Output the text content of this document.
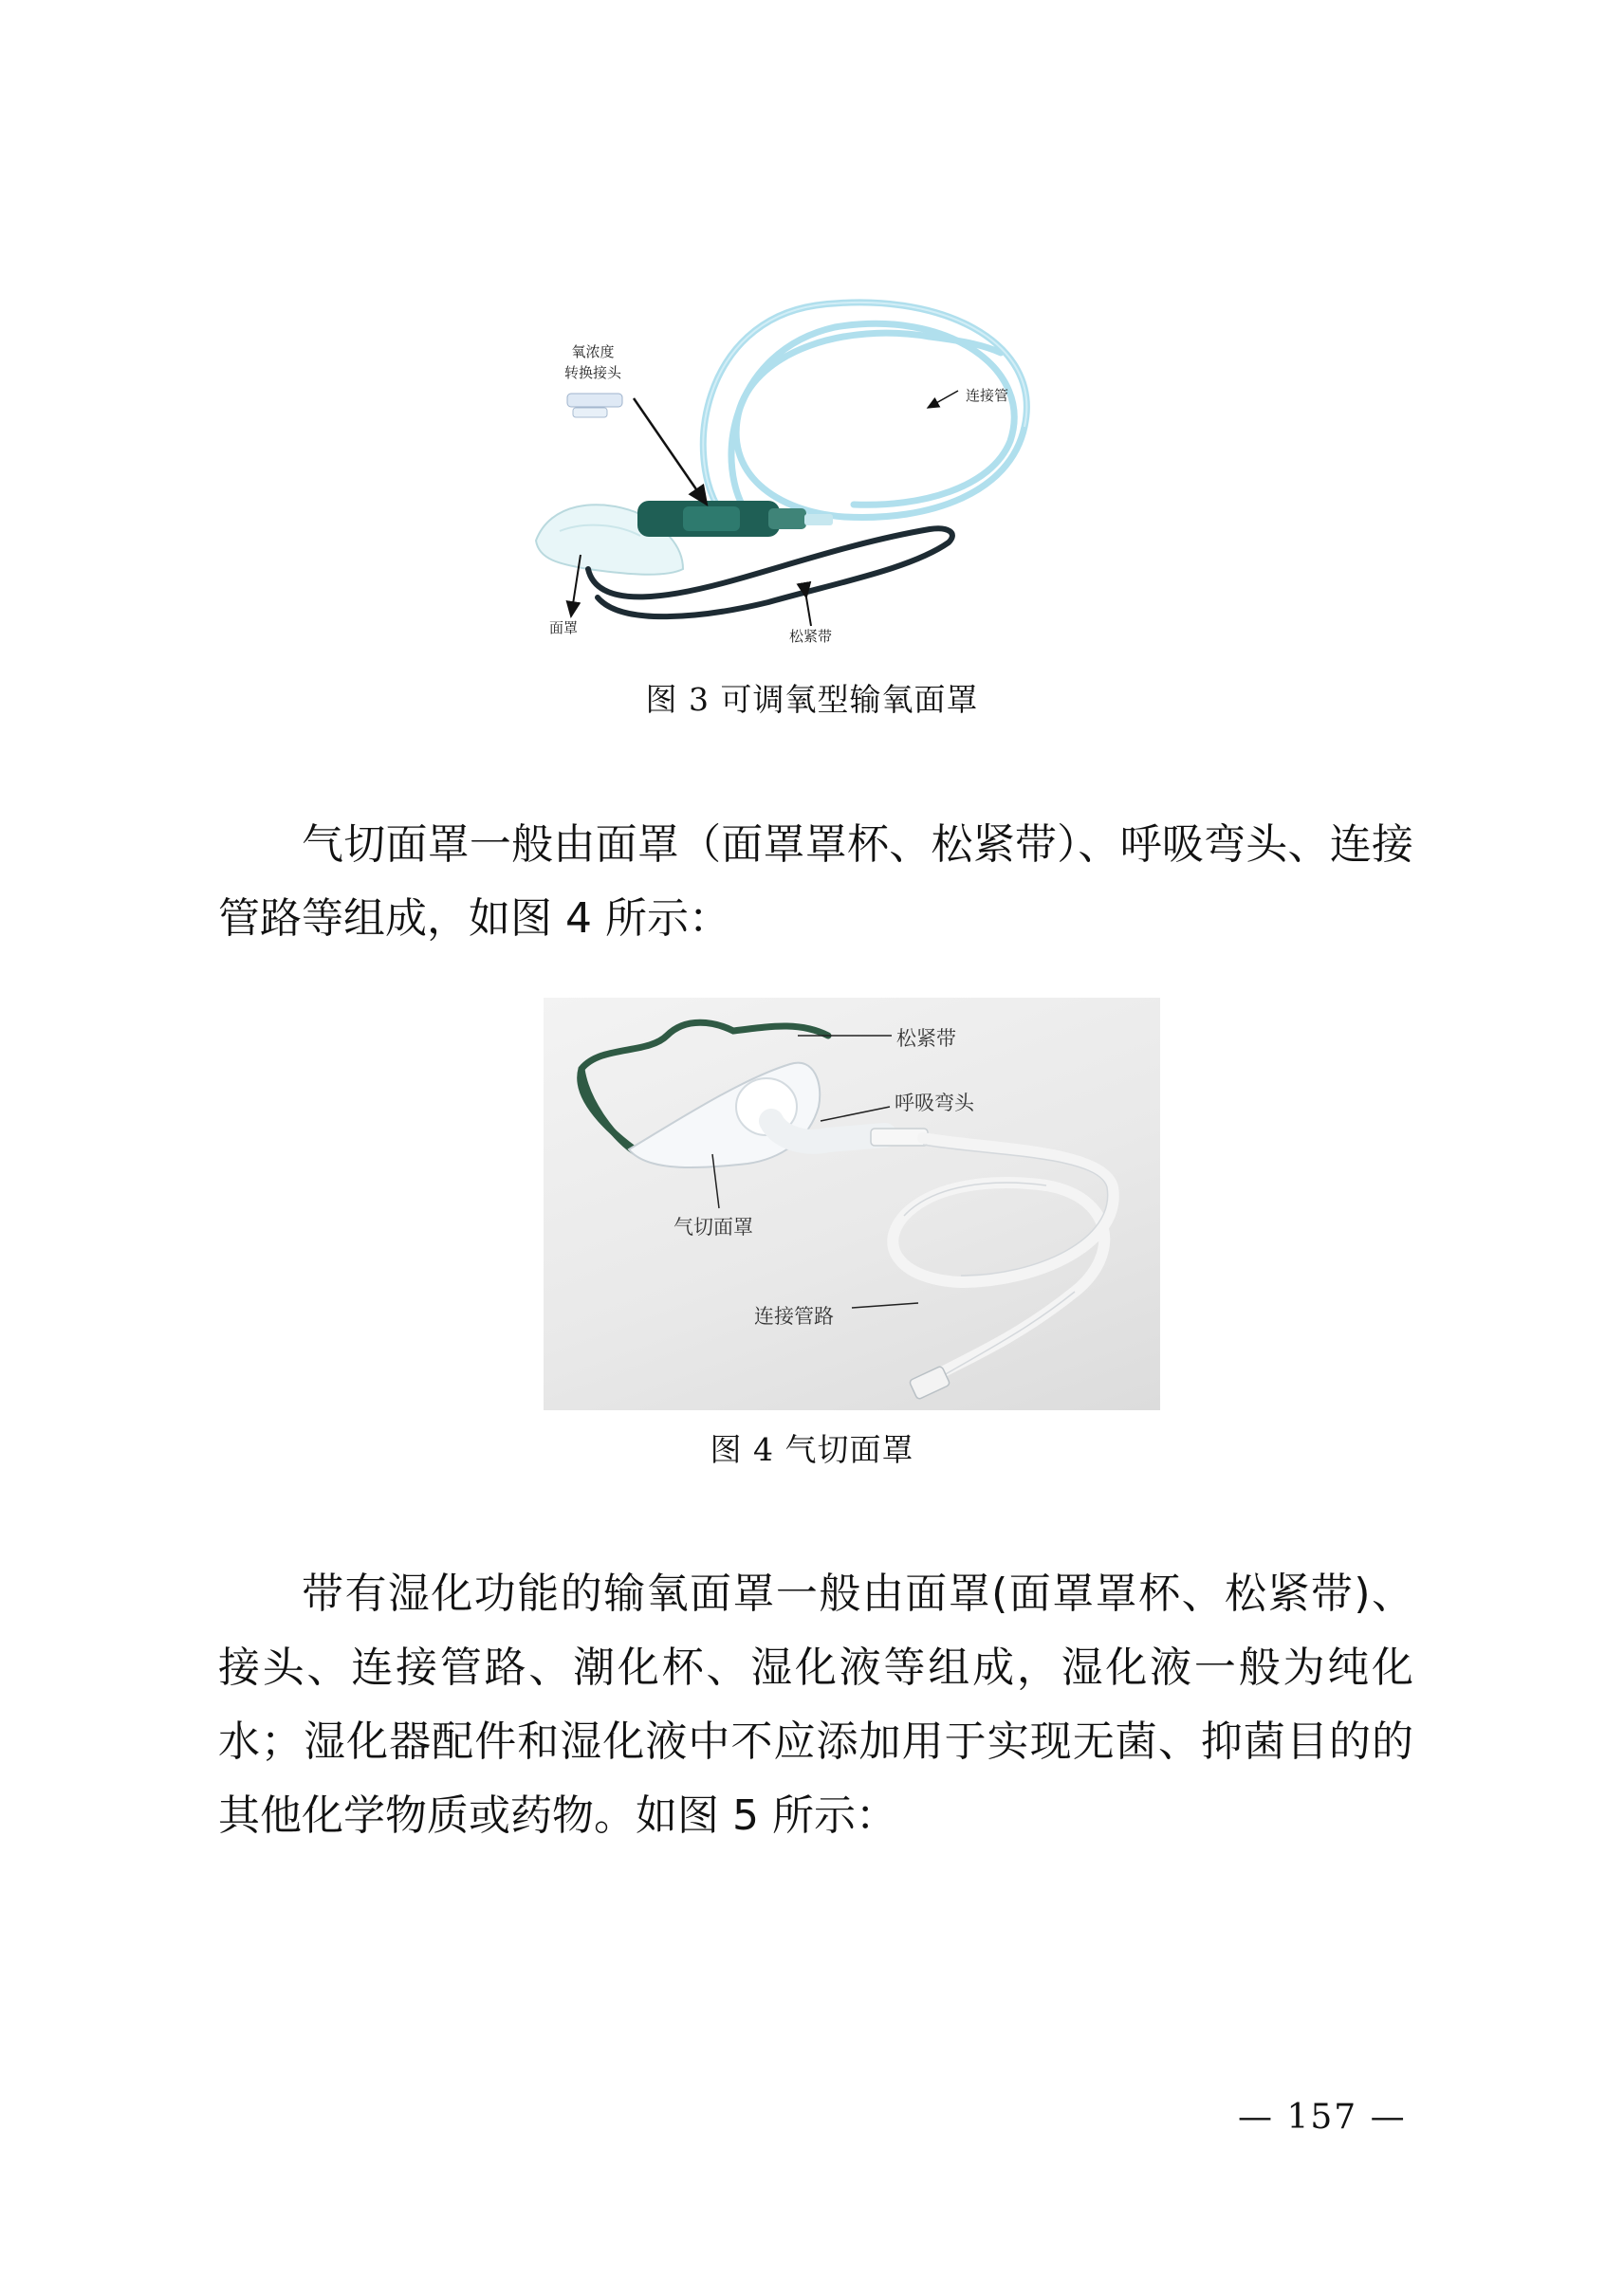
氧浓度
转换接头
连接管
面罩	松紧带
图 3 可调氧型输氧面罩
气切面罩一般由面罩（面罩罩杯、松紧带）、呼吸弯头、连接管路等组成，如图 4 所示：
松紧带
呼吸弯头
气切面罩
连接管路
图 4 气切面罩
带有湿化功能的输氧面罩一般由面罩(面罩罩杯、松紧带)、接头、连接管路、潮化杯、湿化液等组成，湿化液一般为纯化水；湿化器配件和湿化液中不应添加用于实现无菌、抑菌目的的其他化学物质或药物。如图 5 所示：
— 157 —
